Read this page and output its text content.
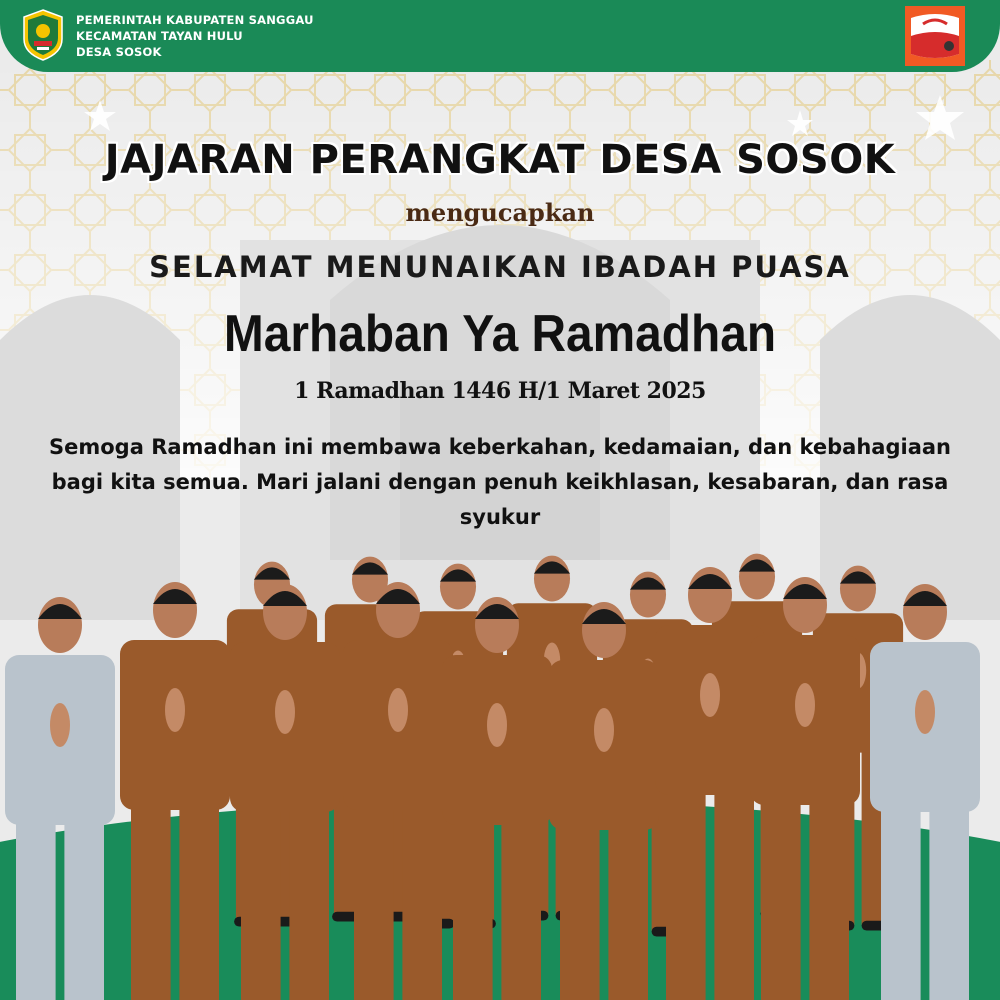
PEMERINTAH KABUPATEN SANGGAU
KECAMATAN TAYAN HULU
DESA SOSOK
JAJARAN PERANGKAT DESA SOSOK
mengucapkan
SELAMAT MENUNAIKAN IBADAH PUASA
Marhaban Ya Ramadhan
1 Ramadhan 1446 H/1 Maret 2025
Semoga Ramadhan ini membawa keberkahan, kedamaian, dan kebahagiaan bagi kita semua. Mari jalani dengan penuh keikhlasan, kesabaran, dan rasa syukur
